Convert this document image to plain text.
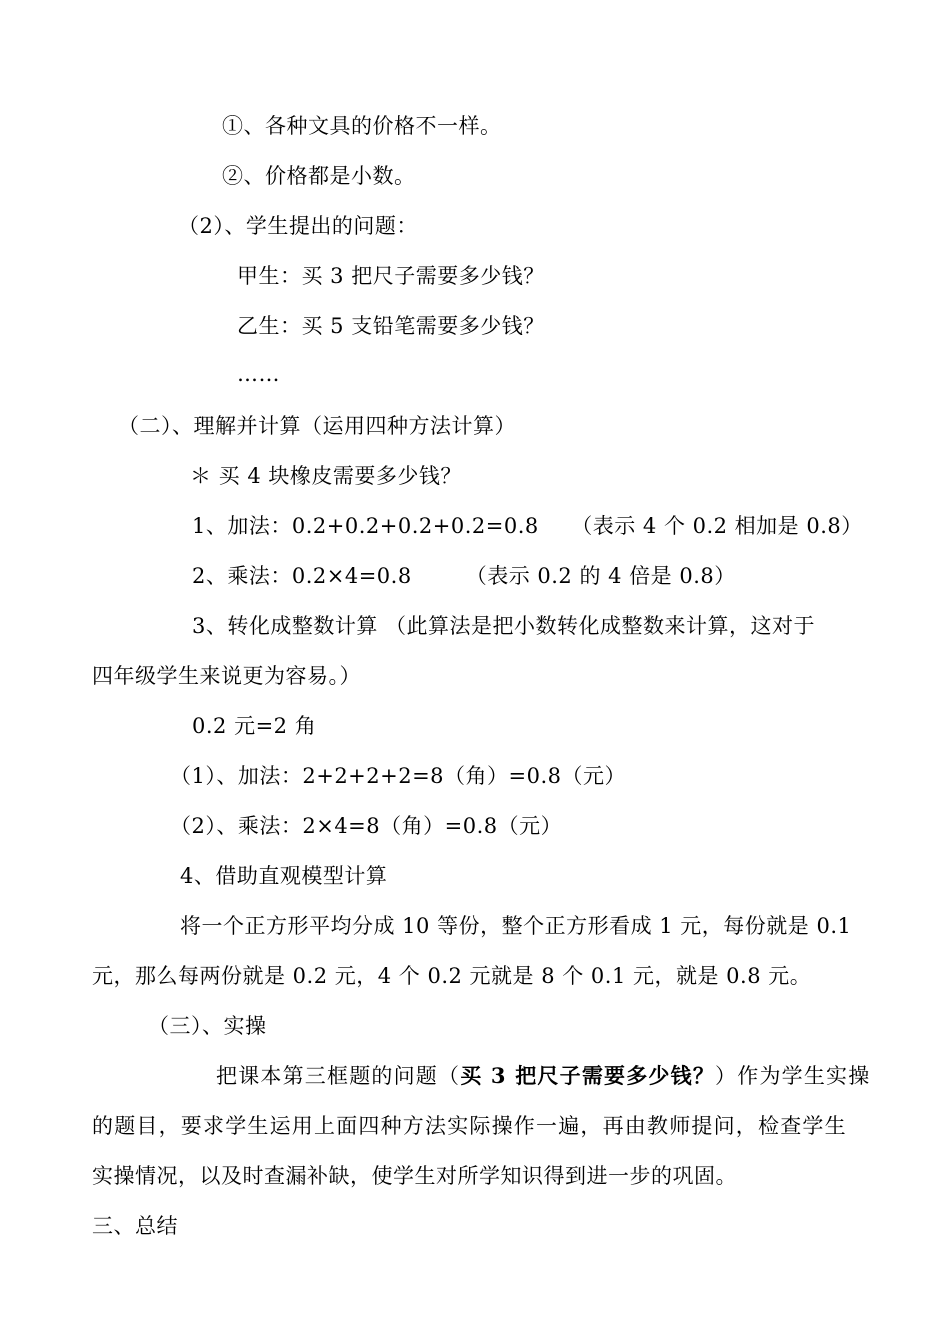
①、各种文具的价格不一样。
②、价格都是小数。
（2）、学生提出的问题：
甲生：买 3 把尺子需要多少钱？
乙生：买 5 支铅笔需要多少钱？
……
（二）、理解并计算（运用四种方法计算）
＊ 买 4 块橡皮需要多少钱？
1、加法：0.2+0.2+0.2+0.2=0.8　　（表示 4 个 0.2 相加是 0.8）
2、乘法：0.2×4=0.8　　　（表示 0.2 的 4 倍是 0.8）
3、转化成整数计算 （此算法是把小数转化成整数来计算，这对于
四年级学生来说更为容易。）
0.2 元=2 角
（1）、加法：2+2+2+2=8（角）=0.8（元）
（2）、乘法：2×4=8（角）=0.8（元）
4、借助直观模型计算
将一个正方形平均分成 10 等份，整个正方形看成 1 元，每份就是 0.1
元，那么每两份就是 0.2 元，4 个 0.2 元就是 8 个 0.1 元，就是 0.8 元。
（三）、实操
把课本第三框题的问题（买 3 把尺子需要多少钱？）作为学生实操
的题目，要求学生运用上面四种方法实际操作一遍，再由教师提问，检查学生
实操情况，以及时查漏补缺，使学生对所学知识得到进一步的巩固。
三、总结
